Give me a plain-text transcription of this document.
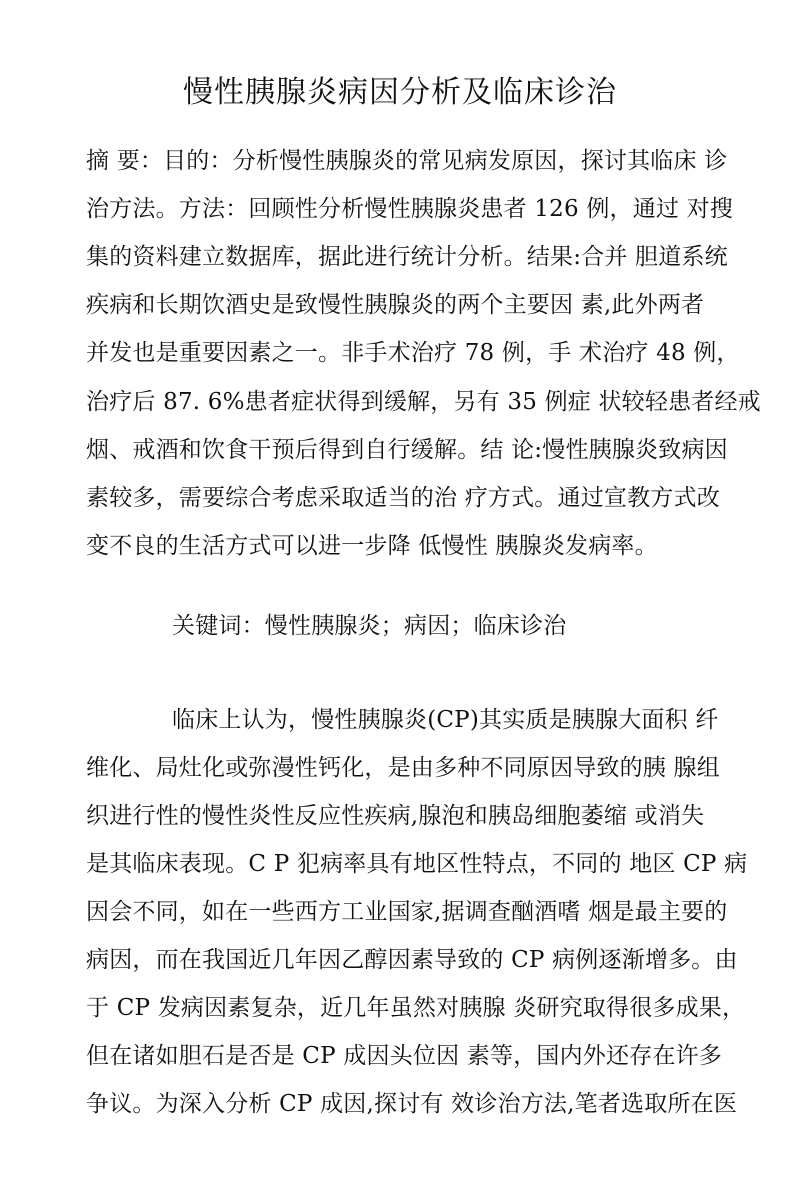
慢性胰腺炎病因分析及临床诊治
摘 要：目的：分析慢性胰腺炎的常见病发原因，探讨其临床 诊
治方法。方法：回顾性分析慢性胰腺炎患者 126 例，通过 对搜
集的资料建立数据库，据此进行统计分析。结果:合并 胆道系统
疾病和长期饮酒史是致慢性胰腺炎的两个主要因 素,此外两者
并发也是重要因素之一。非手术治疗 78 例，手 术治疗 48 例，
治疗后 87. 6%患者症状得到缓解，另有 35 例症 状较轻患者经戒
烟、戒酒和饮食干预后得到自行缓解。结 论:慢性胰腺炎致病因
素较多，需要综合考虑采取适当的治 疗方式。通过宣教方式改
变不良的生活方式可以进一步降 低慢性 胰腺炎发病率。
关键词：慢性胰腺炎；病因；临床诊治
临床上认为，慢性胰腺炎(CP)其实质是胰腺大面积 纤
维化、局灶化或弥漫性钙化，是由多种不同原因导致的胰 腺组
织进行性的慢性炎性反应性疾病,腺泡和胰岛细胞萎缩 或消失
是其临床表现。C P 犯病率具有地区性特点，不同的 地区 CP 病
因会不同，如在一些西方工业国家,据调查酗酒嗜 烟是最主要的
病因，而在我国近几年因乙醇因素导致的 CP 病例逐渐增多。由
于 CP 发病因素复杂，近几年虽然对胰腺 炎研究取得很多成果，
但在诸如胆石是否是 CP 成因头位因 素等，国内外还存在许多
争议。为深入分析 CP 成因,探讨有 效诊治方法,笔者选取所在医
